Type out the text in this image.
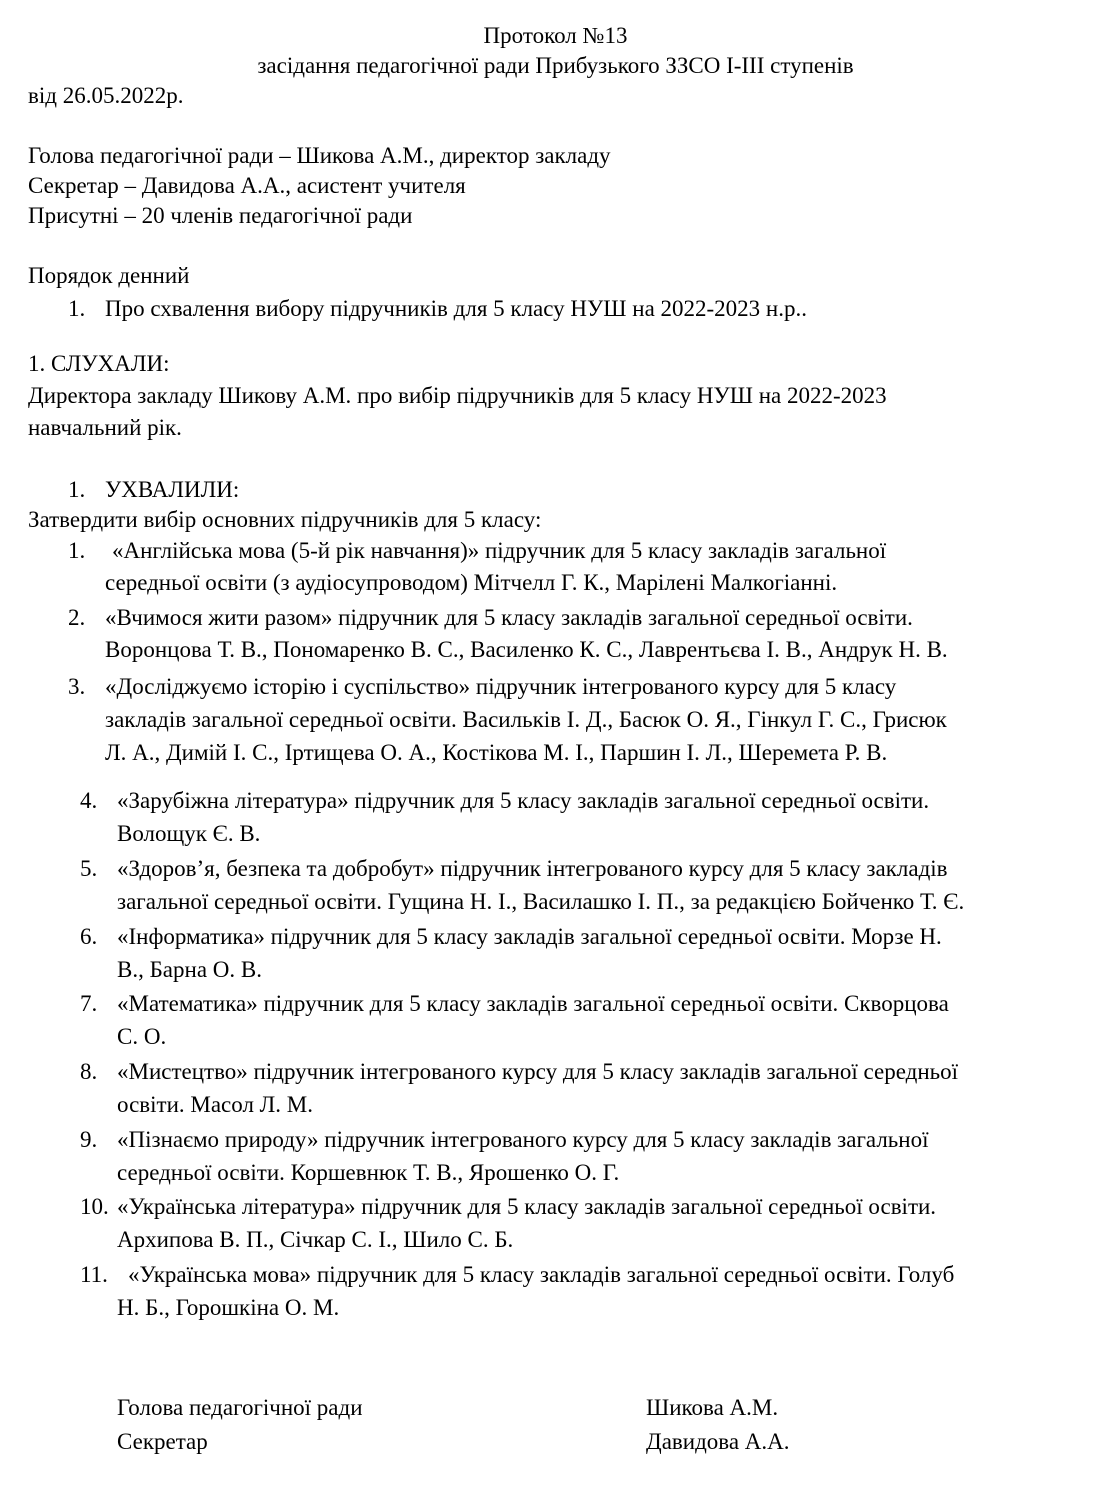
Протокол №13
засідання педагогічної ради Прибузького ЗЗСО І-ІІІ ступенів
від 26.05.2022р.
Голова педагогічної ради – Шикова А.М., директор закладу
Секретар – Давидова А.А., асистент учителя
Присутні – 20 членів педагогічної ради
Порядок денний
1. Про схвалення вибору підручників для 5 класу НУШ на 2022-2023 н.р..
1. СЛУХАЛИ:
Директора закладу Шикову А.М. про вибір підручників для 5 класу НУШ на 2022-2023
навчальний рік.
1. УХВАЛИЛИ:
Затвердити вибір основних підручників для 5 класу:
1. «Англійська мова (5-й рік навчання)» підручник для 5 класу закладів загальної
середньої освіти (з аудіосупроводом) Мітчелл Г. К., Марілені Малкогіанні.
2. «Вчимося жити разом» підручник для 5 класу закладів загальної середньої освіти.
Воронцова Т. В., Пономаренко В. С., Василенко К. С., Лаврентьєва І. В., Андрук Н. В.
3. «Досліджуємо історію і суспільство» підручник інтегрованого курсу для 5 класу
закладів загальної середньої освіти. Васильків І. Д., Басюк О. Я., Гінкул Г. С., Грисюк
Л. А., Димій І. С., Іртищева О. А., Костікова М. І., Паршин І. Л., Шеремета Р. В.
4. «Зарубіжна література» підручник для 5 класу закладів загальної середньої освіти.
Волощук Є. В.
5. «Здоров’я, безпека та добробут» підручник інтегрованого курсу для 5 класу закладів
загальної середньої освіти. Гущина Н. І., Василашко І. П., за редакцією Бойченко Т. Є.
6. «Інформатика» підручник для 5 класу закладів загальної середньої освіти. Морзе Н.
В., Барна О. В.
7. «Математика» підручник для 5 класу закладів загальної середньої освіти. Скворцова
С. О.
8. «Мистецтво» підручник інтегрованого курсу для 5 класу закладів загальної середньої
освіти. Масол Л. М.
9. «Пізнаємо природу» підручник інтегрованого курсу для 5 класу закладів загальної
середньої освіти. Коршевнюк Т. В., Ярошенко О. Г.
10. «Українська література» підручник для 5 класу закладів загальної середньої освіти.
Архипова В. П., Січкар С. І., Шило С. Б.
11. «Українська мова» підручник для 5 класу закладів загальної середньої освіти. Голуб
Н. Б., Горошкіна О. М.
Голова педагогічної ради	Шикова А.М.
Секретар	Давидова А.А.
